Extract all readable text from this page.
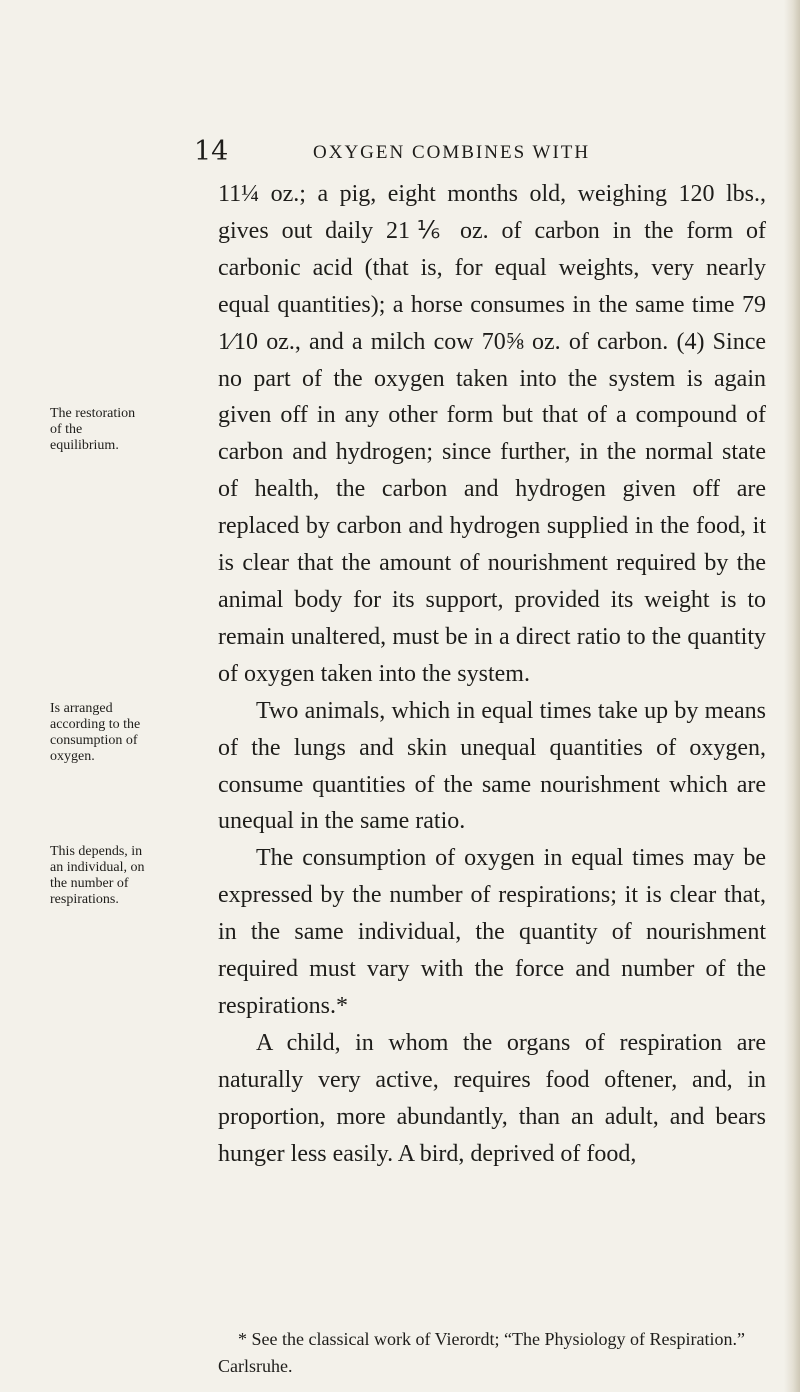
14	OXYGEN COMBINES WITH
The restoration of the equilibrium.
Is arranged according to the consumption of oxygen.
This depends, in an individual, on the number of respirations.

11¼ oz.; a pig, eight months old, weighing 120 lbs., gives out daily 21⅙ oz. of carbon in the form of carbonic acid (that is, for equal weights, very nearly equal quantities); a horse consumes in the same time 79 1⁄10 oz., and a milch cow 70⅝ oz. of carbon. (4) Since no part of the oxygen taken into the system is again given off in any other form but that of a compound of carbon and hydrogen; since further, in the normal state of health, the carbon and hydrogen given off are replaced by carbon and hydrogen supplied in the food, it is clear that the amount of nourishment required by the animal body for its support, provided its weight is to remain unaltered, must be in a direct ratio to the quantity of oxygen taken into the system.

Two animals, which in equal times take up by means of the lungs and skin unequal quantities of oxygen, consume quantities of the same nourishment which are unequal in the same ratio.

The consumption of oxygen in equal times may be expressed by the number of respirations; it is clear that, in the same individual, the quantity of nourishment required must vary with the force and number of the respirations.*

A child, in whom the organs of respiration are naturally very active, requires food oftener, and, in proportion, more abundantly, than an adult, and bears hunger less easily. A bird, deprived of food,

* See the classical work of Vierordt; “The Physiology of Respiration.” Carlsruhe.
